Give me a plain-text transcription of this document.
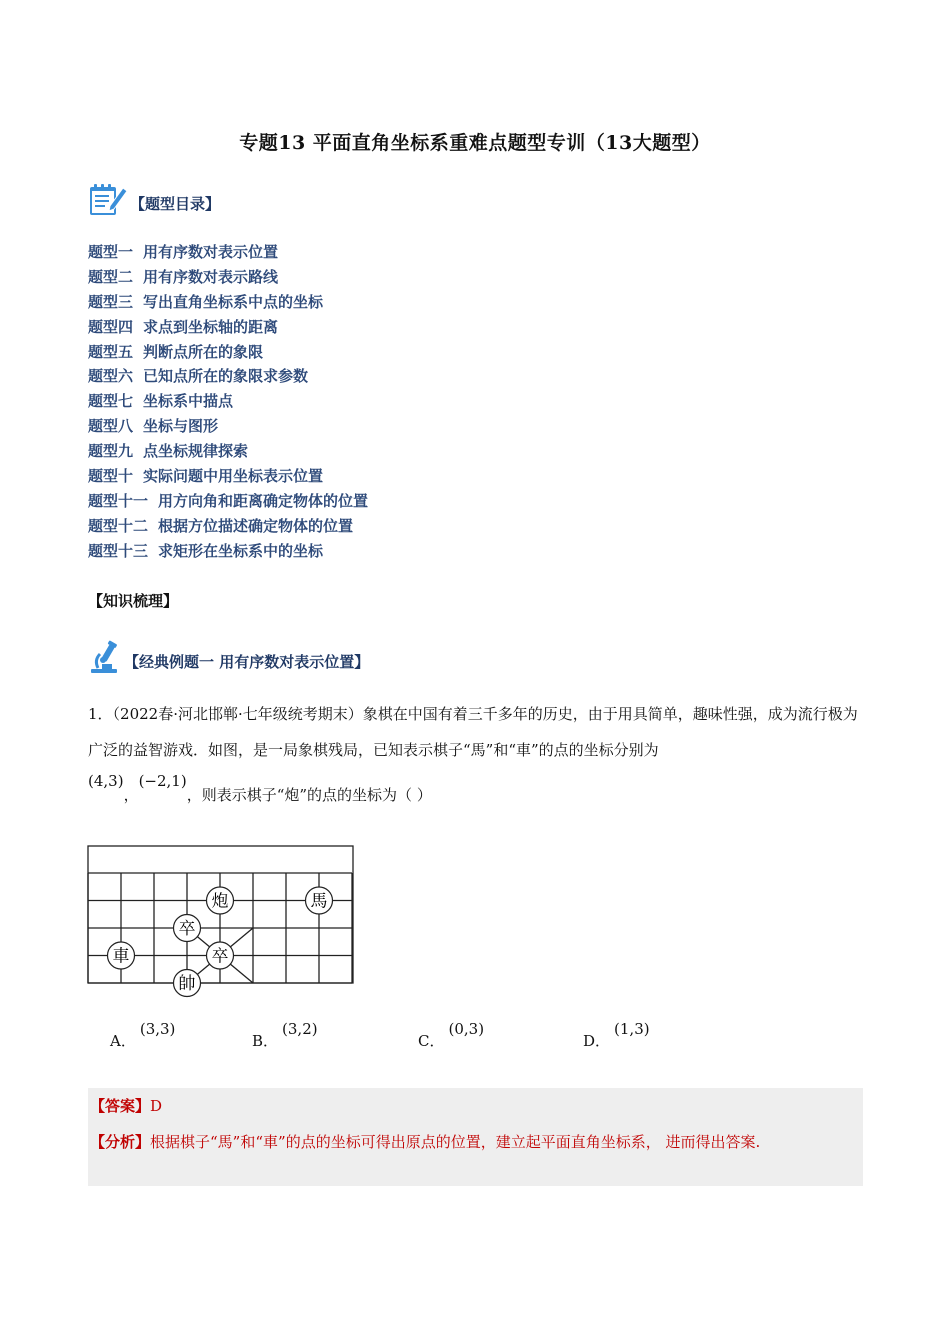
专题13 平面直角坐标系重难点题型专训（13大题型）
【题型目录】
题型一 用有序数对表示位置
题型二 用有序数对表示路线
题型三 写出直角坐标系中点的坐标
题型四 求点到坐标轴的距离
题型五 判断点所在的象限
题型六 已知点所在的象限求参数
题型七 坐标系中描点
题型八 坐标与图形
题型九 点坐标规律探索
题型十 实际问题中用坐标表示位置
题型十一 用方向角和距离确定物体的位置
题型十二 根据方位描述确定物体的位置
题型十三 求矩形在坐标系中的坐标
【知识梳理】
【经典例题一 用有序数对表示位置】
1．（2022春·河北邯郸·七年级统考期末）象棋在中国有着三千多年的历史，由于用具简单，趣味性强，成为流行极为广泛的益智游戏．如图，是一局象棋残局，已知表示棋子“馬”和“車”的点的坐标分别为
(4,3)，(−2,1)，则表示棋子“炮”的点的坐标为（ ）
炮	馬
卒
車	卒
帥
A．(3,3)
B．(3,2)
C．(0,3)
D．(1,3)

【答案】D

【分析】根据棋子“馬”和“車”的点的坐标可得出原点的位置，建立起平面直角坐标系， 进而得出答案.
